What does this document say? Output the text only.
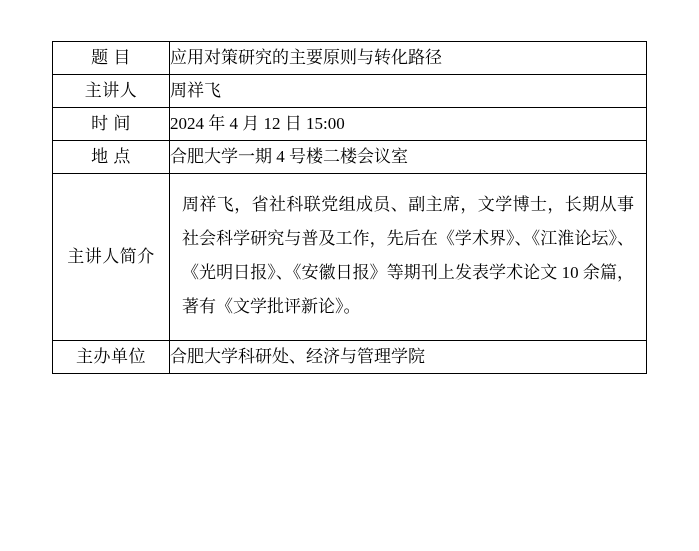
题 目	应用对策研究的主要原则与转化路径
主讲人	周祥飞
时 间	2024 年 4 月 12 日 15:00
地 点	合肥大学一期 4 号楼二楼会议室
主讲人简介	周祥飞，省社科联党组成员、副主席，文学博士，长期从事社会科学研究与普及工作，先后在《学术界》、《江淮论坛》、《光明日报》、《安徽日报》等期刊上发表学术论文 10 余篇，著有《文学批评新论》。
主办单位	合肥大学科研处、经济与管理学院
